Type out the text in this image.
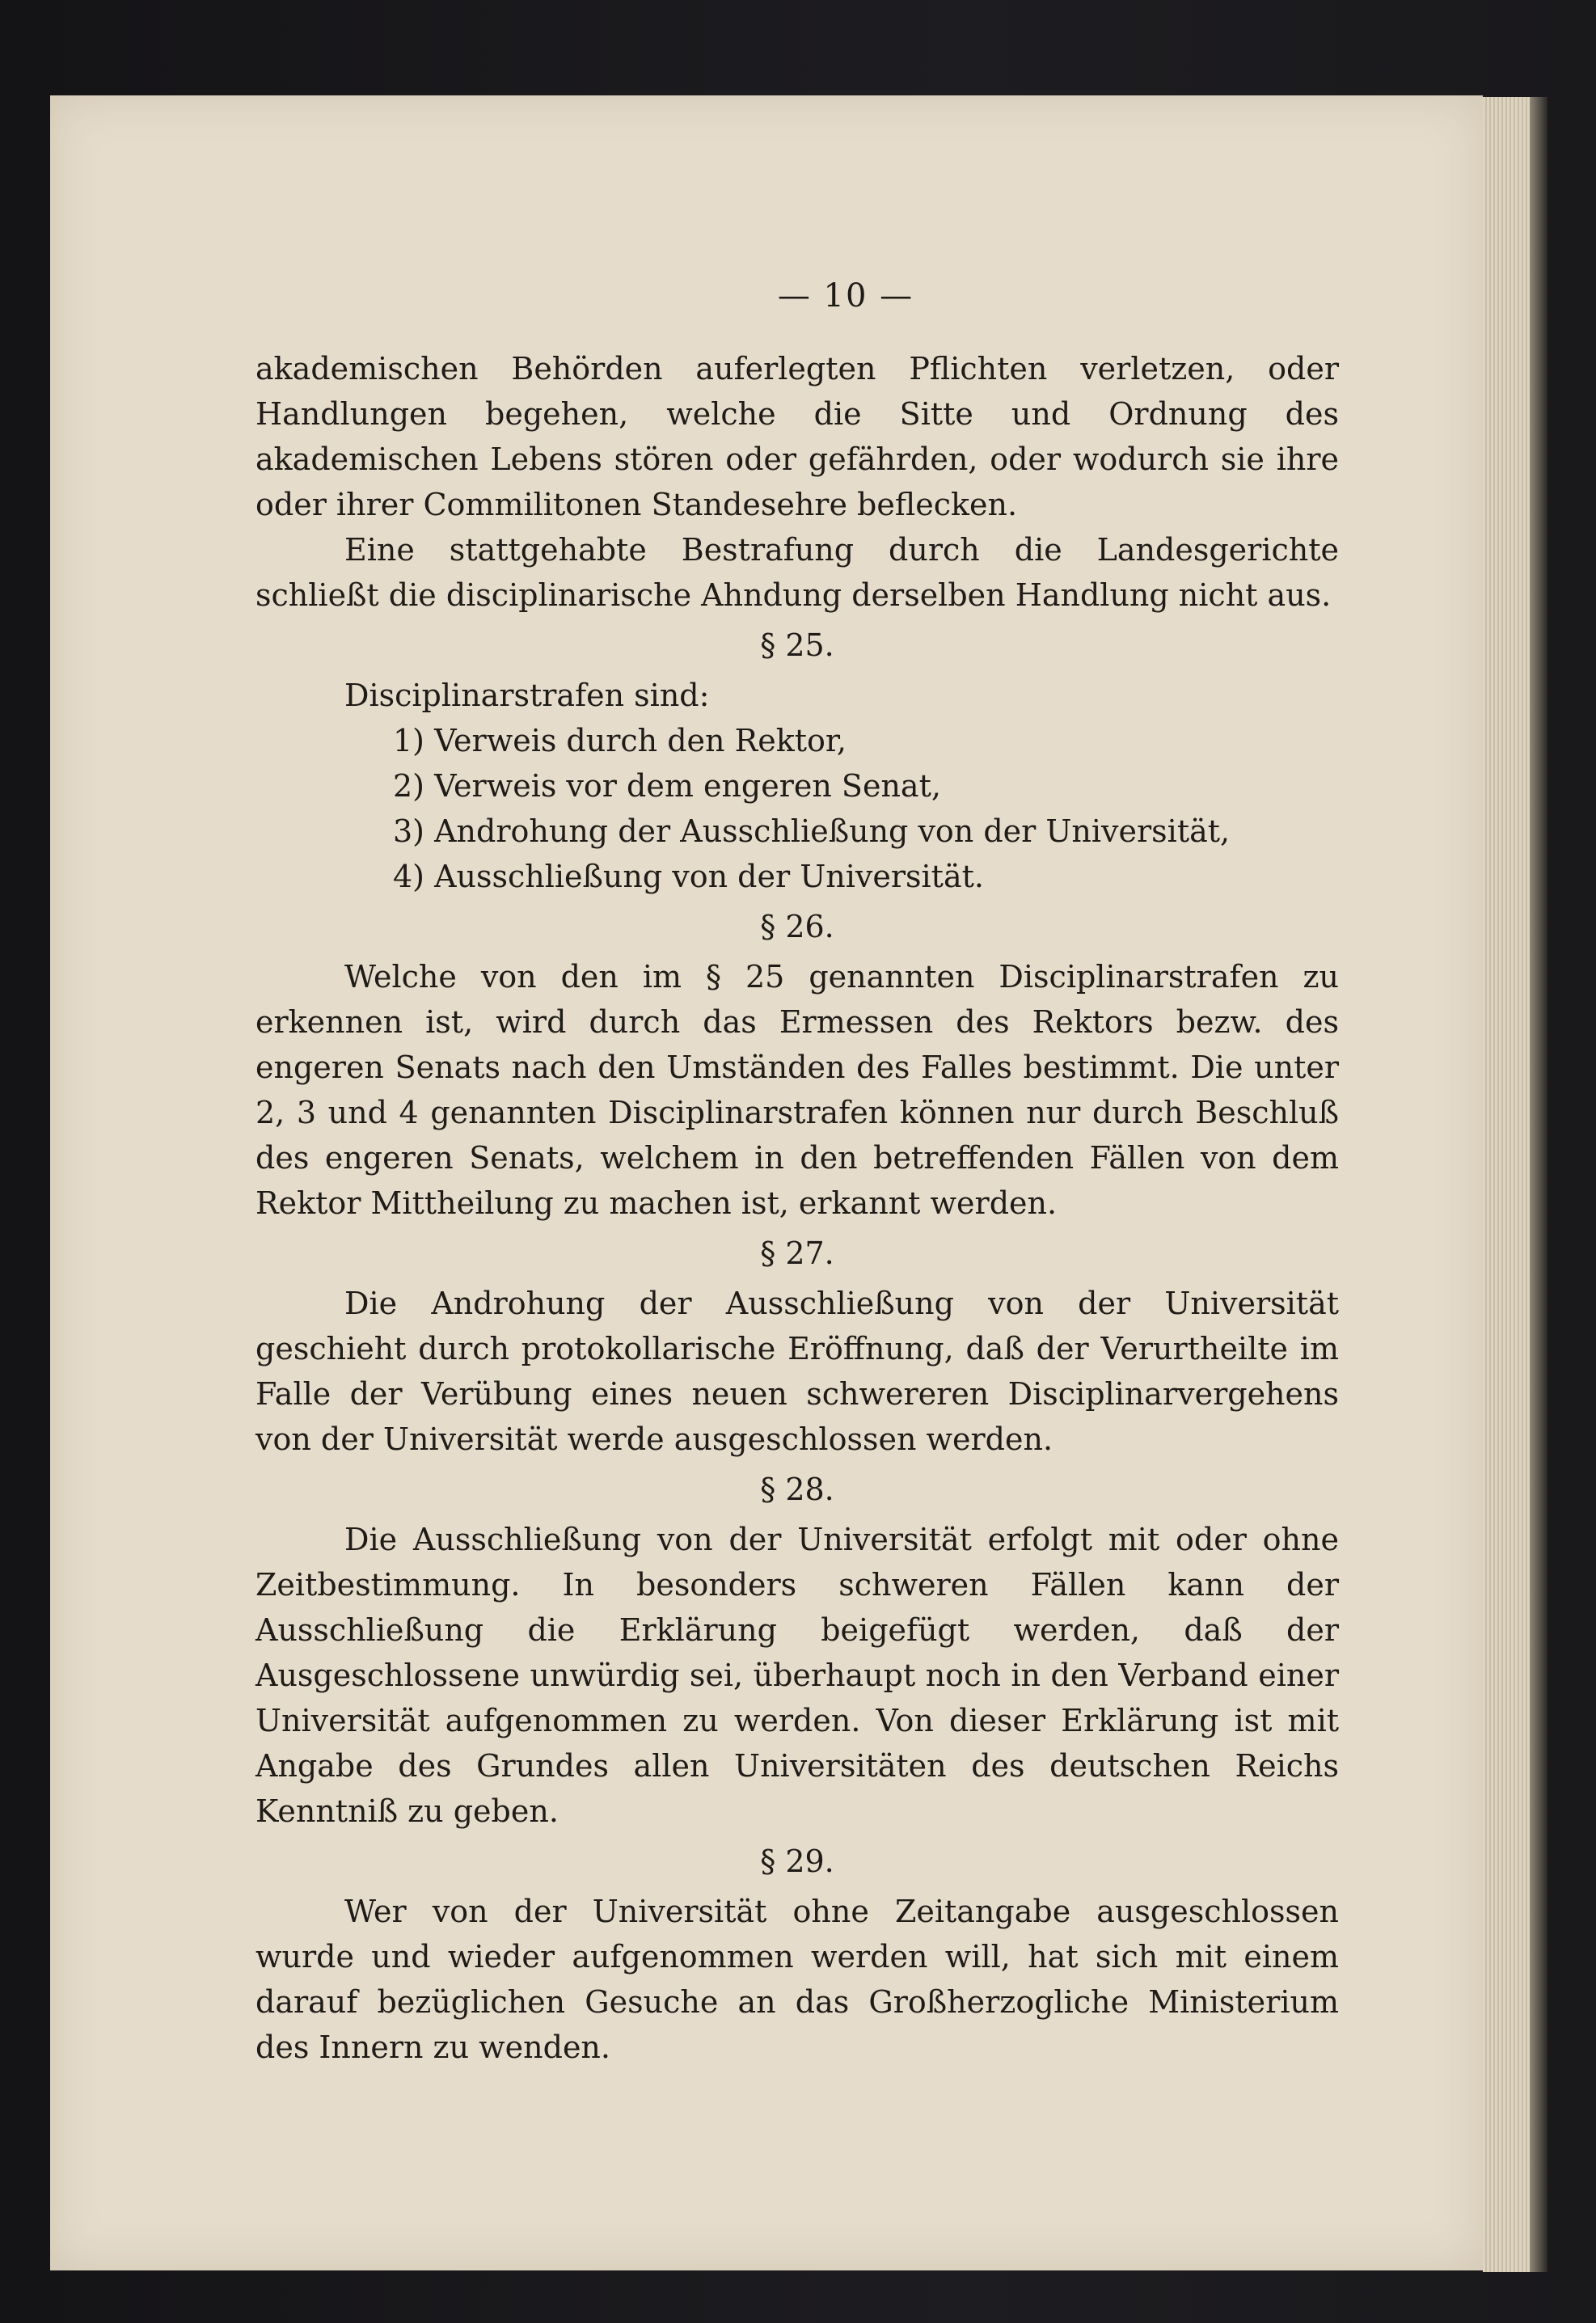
— 10 —

akademischen Behörden auferlegten Pflichten verletzen, oder Handlungen begehen, welche die Sitte und Ordnung des akademischen Lebens stören oder gefährden, oder wodurch sie ihre oder ihrer Commilitonen Standesehre beflecken.

Eine stattgehabte Bestrafung durch die Landesgerichte schließt die disciplinarische Ahndung derselben Handlung nicht aus.

§ 25.

Disciplinarstrafen sind:

1) Verweis durch den Rektor,
2) Verweis vor dem engeren Senat,
3) Androhung der Ausschließung von der Universität,
4) Ausschließung von der Universität.
§ 26.

Welche von den im § 25 genannten Disciplinarstrafen zu erkennen ist, wird durch das Ermessen des Rektors bezw. des engeren Senats nach den Umständen des Falles bestimmt. Die unter 2, 3 und 4 genannten Disciplinarstrafen können nur durch Beschluß des engeren Senats, welchem in den betreffenden Fällen von dem Rektor Mittheilung zu machen ist, erkannt werden.

§ 27.

Die Androhung der Ausschließung von der Universität geschieht durch protokollarische Eröffnung, daß der Verurtheilte im Falle der Verübung eines neuen schwereren Disciplinarvergehens von der Universität werde ausgeschlossen werden.

§ 28.

Die Ausschließung von der Universität erfolgt mit oder ohne Zeitbestimmung. In besonders schweren Fällen kann der Ausschließung die Erklärung beigefügt werden, daß der Ausgeschlossene unwürdig sei, überhaupt noch in den Verband einer Universität aufgenommen zu werden. Von dieser Erklärung ist mit Angabe des Grundes allen Universitäten des deutschen Reichs Kenntniß zu geben.

§ 29.

Wer von der Universität ohne Zeitangabe ausgeschlossen wurde und wieder aufgenommen werden will, hat sich mit einem darauf bezüglichen Gesuche an das Großherzogliche Ministerium des Innern zu wenden.
